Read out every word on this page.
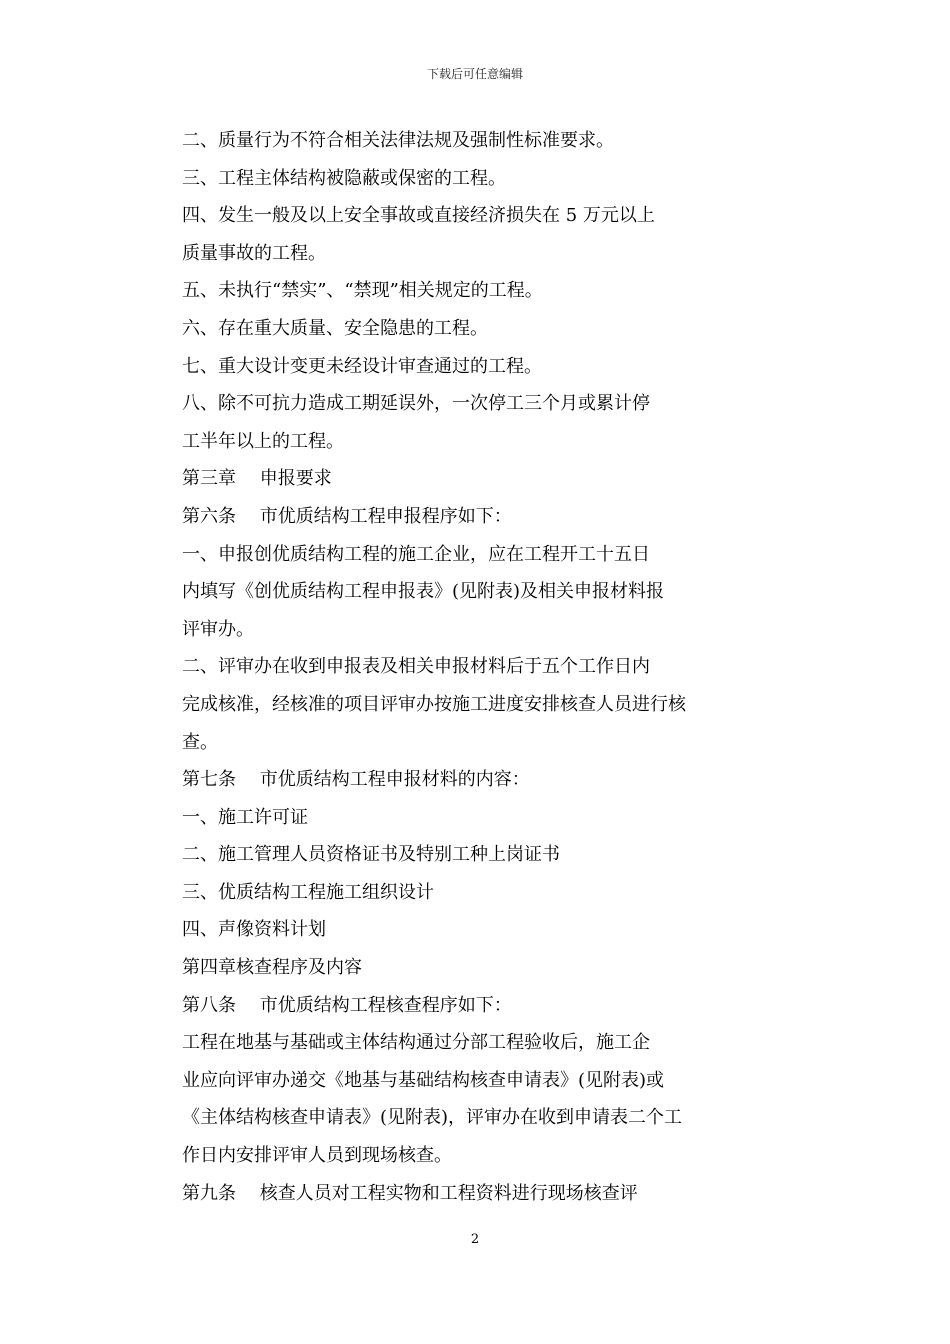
下载后可任意编辑
二、质量行为不符合相关法律法规及强制性标准要求。
三、工程主体结构被隐蔽或保密的工程。
四、发生一般及以上安全事故或直接经济损失在 5 万元以上
质量事故的工程。
五、未执行“禁实”、“禁现”相关规定的工程。
六、存在重大质量、安全隐患的工程。
七、重大设计变更未经设计审查通过的工程。
八、除不可抗力造成工期延误外，一次停工三个月或累计停
工半年以上的工程。
第三章　 申报要求
第六条　 市优质结构工程申报程序如下：
一、申报创优质结构工程的施工企业，应在工程开工十五日
内填写《创优质结构工程申报表》(见附表)及相关申报材料报
评审办。
二、评审办在收到申报表及相关申报材料后于五个工作日内
完成核准，经核准的项目评审办按施工进度安排核查人员进行核
查。
第七条　 市优质结构工程申报材料的内容：
一、施工许可证
二、施工管理人员资格证书及特别工种上岗证书
三、优质结构工程施工组织设计
四、声像资料计划
第四章核查程序及内容
第八条　 市优质结构工程核查程序如下：
工程在地基与基础或主体结构通过分部工程验收后，施工企
业应向评审办递交《地基与基础结构核查申请表》(见附表)或
《主体结构核查申请表》(见附表)，评审办在收到申请表二个工
作日内安排评审人员到现场核查。
第九条　 核查人员对工程实物和工程资料进行现场核查评
2
